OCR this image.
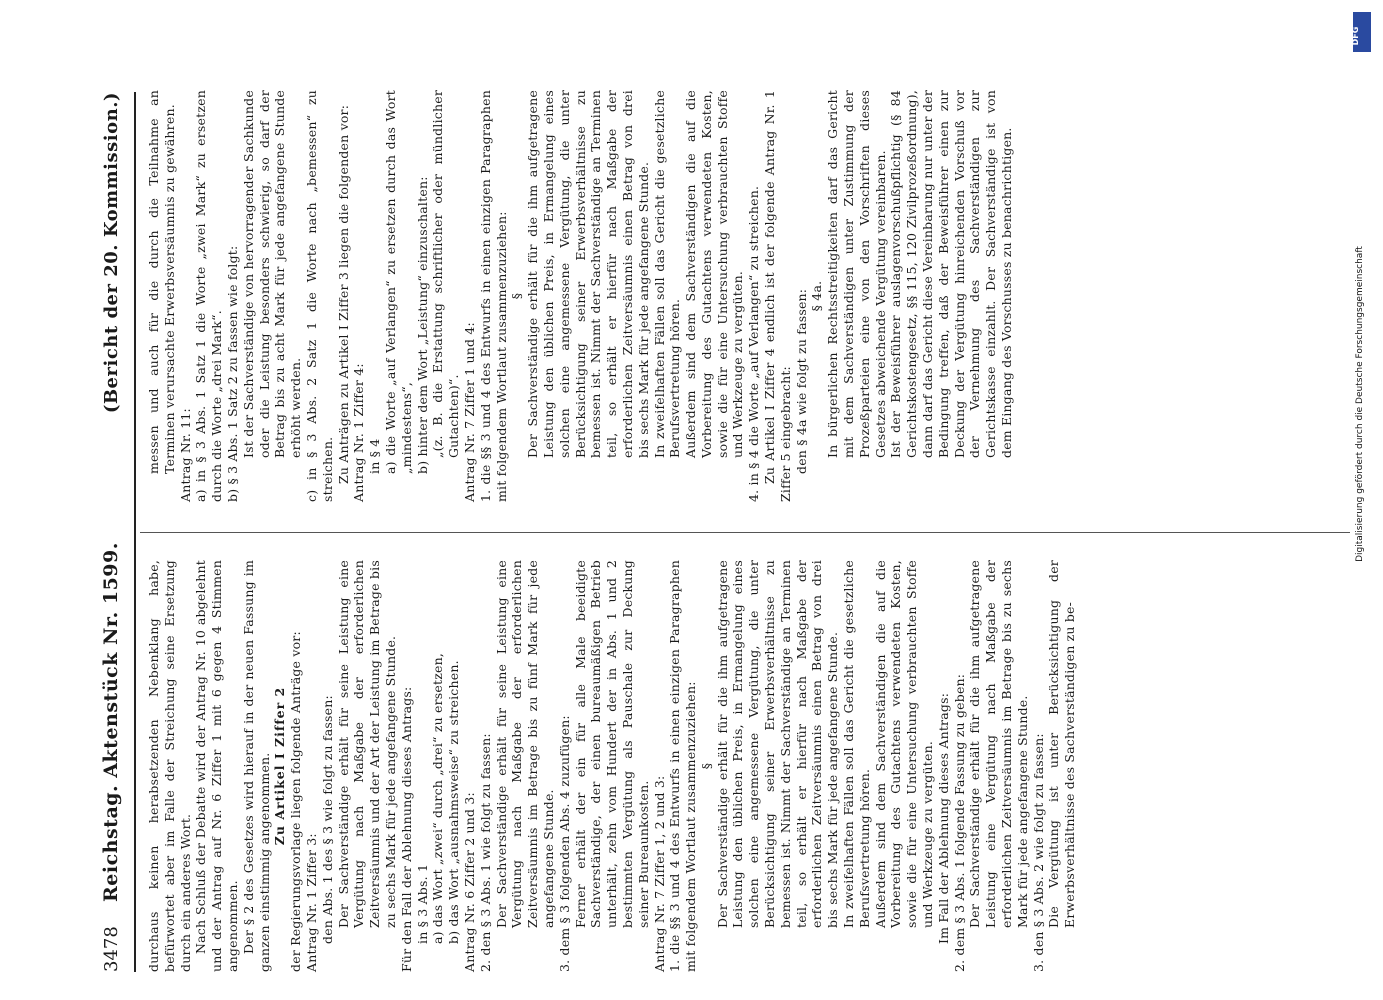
3478
Reichstag. Aktenstück Nr. 1599.
(Bericht der 20. Kommission.)

durchaus keinen herabsetzenden Nebenklang habe, befürwortet aber im Falle der Streichung seine Ersetzung durch ein anderes Wort. Nach Schluß der Debatte wird der Antrag Nr. 10 abgelehnt und der Antrag auf Nr. 6 Ziffer 1 mit 6 gegen 4 Stimmen angenommen. Der § 2 des Gesetzes wird hierauf in der neuen Fassung im ganzen einstimmig angenommen. Zu Artikel I Ziffer 2 der Regierungsvorlage liegen folgende Anträge vor: Antrag Nr. 1 Ziffer 3: den Abs. 1 des § 3 wie folgt zu fassen: Der Sachverständige erhält für seine Leistung eine Vergütung nach Maßgabe der erforderlichen Zeitversäumnis und der Art der Leistung im Betrage bis zu sechs Mark für jede angefangene Stunde. Für den Fall der Ablehnung dieses Antrags: in § 3 Abs. 1 a) das Wort „zwei“ durch „drei“ zu ersetzen, b) das Wort „ausnahmsweise“ zu streichen. Antrag Nr. 6 Ziffer 2 und 3: 2. den § 3 Abs. 1 wie folgt zu fassen: Der Sachverständige erhält für seine Leistung eine Vergütung nach Maßgabe der erforderlichen Zeitversäumnis im Betrage bis zu fünf Mark für jede angefangene Stunde. 3. dem § 3 folgenden Abs. 4 zuzufügen: Ferner erhält der ein für alle Male beeidigte Sachverständige, der einen bureaumäßigen Betrieb unterhält, zehn vom Hundert der in Abs. 1 und 2 bestimmten Vergütung als Pauschale zur Deckung seiner Bureaunkosten. Antrag Nr. 7 Ziffer 1, 2 und 3: 1. die §§ 3 und 4 des Entwurfs in einen einzigen Paragraphen mit folgendem Wortlaut zusammenzuziehen: § Der Sachverständige erhält für die ihm aufgetragene Leistung den üblichen Preis, in Ermangelung eines solchen eine angemessene Vergütung, die unter Berücksichtigung seiner Erwerbsverhältnisse zu bemessen ist. Nimmt der Sachverständige an Terminen teil, so erhält er hierfür nach Maßgabe der erforderlichen Zeitversäumnis einen Betrag von drei bis sechs Mark für jede angefangene Stunde. In zweifelhaften Fällen soll das Gericht die gesetzliche Berufsvertretung hören. Außerdem sind dem Sachverständigen die auf die Vorbereitung des Gutachtens verwendeten Kosten, sowie die für eine Untersuchung verbrauchten Stoffe und Werkzeuge zu vergüten. Im Fall der Ablehnung dieses Antrags: 2. dem § 3 Abs. 1 folgende Fassung zu geben: Der Sachverständige erhält für die ihm aufgetragene Leistung eine Vergütung nach Maßgabe der erforderlichen Zeitversäumnis im Betrage bis zu sechs Mark für jede angefangene Stunde. 3. den § 3 Abs. 2 wie folgt zu fassen: Die Vergütung ist unter Berücksichtigung der Erwerbsverhältnisse des Sachverständigen zu be-

messen und auch für die durch die Teilnahme an Terminen verursachte Erwerbsversäumnis zu gewähren. Antrag Nr. 11: a) in § 3 Abs. 1 Satz 1 die Worte „zwei Mark“ zu ersetzen durch die Worte „drei Mark“. b) § 3 Abs. 1 Satz 2 zu fassen wie folgt: Ist der Sachverständige von hervorragender Sachkunde oder die Leistung besonders schwierig, so darf der Betrag bis zu acht Mark für jede angefangene Stunde erhöht werden. c) in § 3 Abs. 2 Satz 1 die Worte nach „bemessen“ zu streichen. Zu Anträgen zu Artikel I Ziffer 3 liegen die folgenden vor: Antrag Nr. 1 Ziffer 4: in § 4 a) die Worte „auf Verlangen“ zu ersetzen durch das Wort „mindestens“, b) hinter dem Wort „Leistung“ einzuschalten: „(z. B. die Erstattung schriftlicher oder mündlicher Gutachten)“. Antrag Nr. 7 Ziffer 1 und 4: 1. die §§ 3 und 4 des Entwurfs in einen einzigen Paragraphen mit folgendem Wortlaut zusammenzuziehen: § Der Sachverständige erhält für die ihm aufgetragene Leistung den üblichen Preis, in Ermangelung eines solchen eine angemessene Vergütung, die unter Berücksichtigung seiner Erwerbsverhältnisse zu bemessen ist. Nimmt der Sachverständige an Terminen teil, so erhält er hierfür nach Maßgabe der erforderlichen Zeitversäumnis einen Betrag von drei bis sechs Mark für jede angefangene Stunde. In zweifelhaften Fällen soll das Gericht die gesetzliche Berufsvertretung hören. Außerdem sind dem Sachverständigen die auf die Vorbereitung des Gutachtens verwendeten Kosten, sowie die für eine Untersuchung verbrauchten Stoffe und Werkzeuge zu vergüten. 4. in § 4 die Worte „auf Verlangen“ zu streichen. Zu Artikel I Ziffer 4 endlich ist der folgende Antrag Nr. 1 Ziffer 5 eingebracht: den § 4a wie folgt zu fassen: § 4a. In bürgerlichen Rechtsstreitigkeiten darf das Gericht mit dem Sachverständigen unter Zustimmung der Prozeßparteien eine von den Vorschriften dieses Gesetzes abweichende Vergütung vereinbaren. Ist der Beweisführer auslagenvorschußpflichtig (§ 84 Gerichtskostengesetz, §§ 115, 120 Zivilprozeßordnung), dann darf das Gericht diese Vereinbarung nur unter der Bedingung treffen, daß der Beweisführer einen zur Deckung der Vergütung hinreichenden Vorschuß vor der Vernehmung des Sachverständigen zur Gerichtskasse einzahlt. Der Sachverständige ist von dem Eingang des Vorschusses zu benachrichtigen.

DFG
Digitalisierung gefördert durch die Deutsche Forschungsgemeinschaft
